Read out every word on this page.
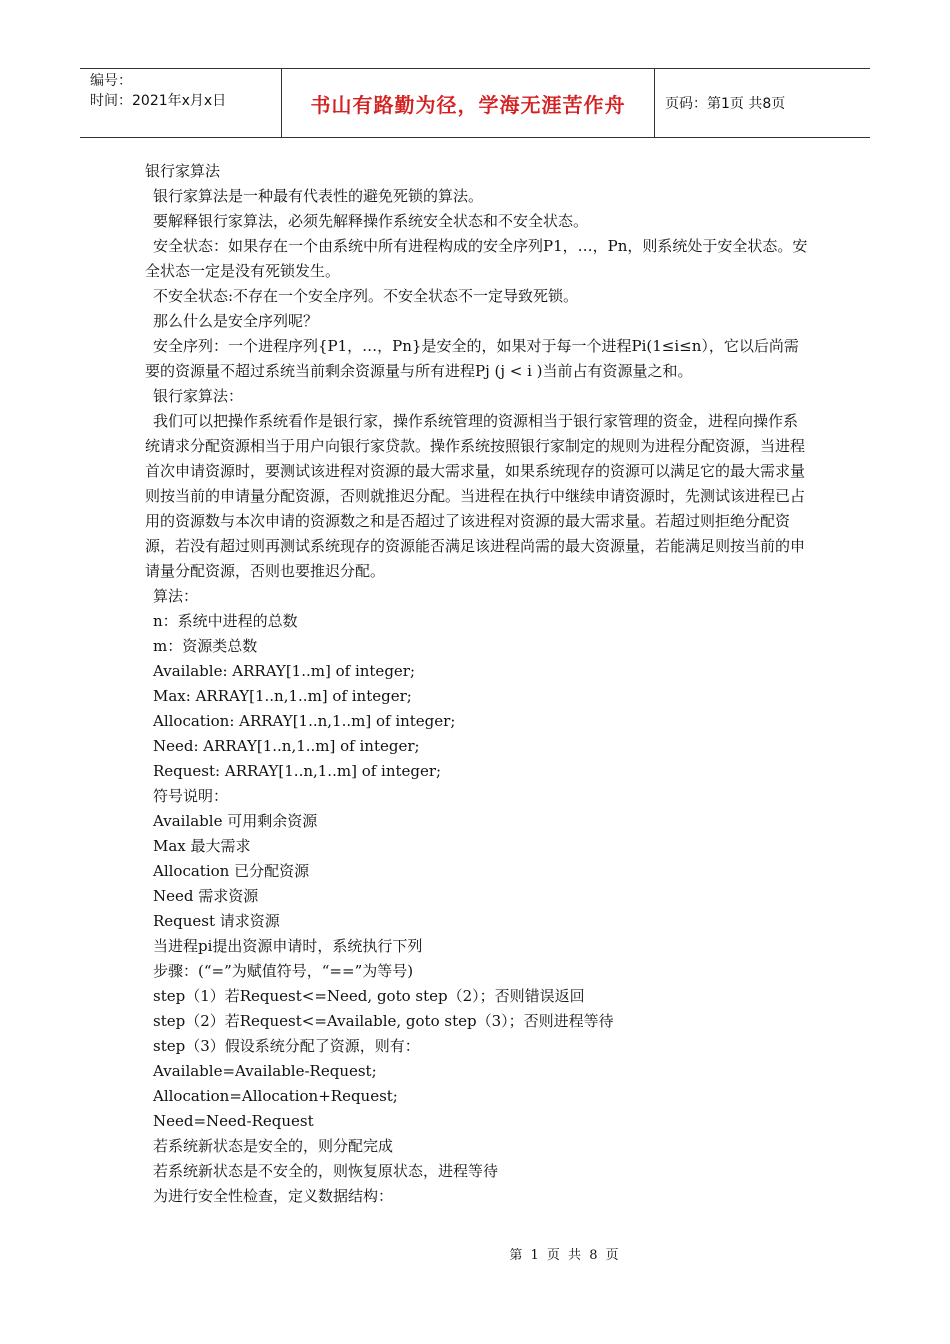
编号：
时间：2021年x月x日	书山有路勤为径，学海无涯苦作舟	页码：第1页 共8页

银行家算法

银行家算法是一种最有代表性的避免死锁的算法。

要解释银行家算法，必须先解释操作系统安全状态和不安全状态。

安全状态：如果存在一个由系统中所有进程构成的安全序列P1，…，Pn，则系统处于安全状态。安全状态一定是没有死锁发生。

不安全状态:不存在一个安全序列。不安全状态不一定导致死锁。

那么什么是安全序列呢？

安全序列：一个进程序列{P1，…，Pn}是安全的，如果对于每一个进程Pi(1≤i≤n），它以后尚需要的资源量不超过系统当前剩余资源量与所有进程Pj (j < i )当前占有资源量之和。

银行家算法：

我们可以把操作系统看作是银行家，操作系统管理的资源相当于银行家管理的资金，进程向操作系统请求分配资源相当于用户向银行家贷款。操作系统按照银行家制定的规则为进程分配资源，当进程首次申请资源时，要测试该进程对资源的最大需求量，如果系统现存的资源可以满足它的最大需求量则按当前的申请量分配资源，否则就推迟分配。当进程在执行中继续申请资源时，先测试该进程已占用的资源数与本次申请的资源数之和是否超过了该进程对资源的最大需求量。若超过则拒绝分配资源，若没有超过则再测试系统现存的资源能否满足该进程尚需的最大资源量，若能满足则按当前的申请量分配资源，否则也要推迟分配。

算法：

n：系统中进程的总数

m：资源类总数

Available: ARRAY[1..m] of integer;

Max: ARRAY[1..n,1..m] of integer;

Allocation: ARRAY[1..n,1..m] of integer;

Need: ARRAY[1..n,1..m] of integer;

Request: ARRAY[1..n,1..m] of integer;

符号说明：

Available 可用剩余资源

Max 最大需求

Allocation 已分配资源

Need 需求资源

Request 请求资源

当进程pi提出资源申请时，系统执行下列

步骤：(“=”为赋值符号，“==”为等号)

step（1）若Request<=Need, goto step（2）；否则错误返回

step（2）若Request<=Available, goto step（3）；否则进程等待

step（3）假设系统分配了资源，则有：

Available=Available-Request;

Allocation=Allocation+Request;

Need=Need-Request

若系统新状态是安全的，则分配完成

若系统新状态是不安全的，则恢复原状态，进程等待

为进行安全性检查，定义数据结构：

第 1 页 共 8 页
